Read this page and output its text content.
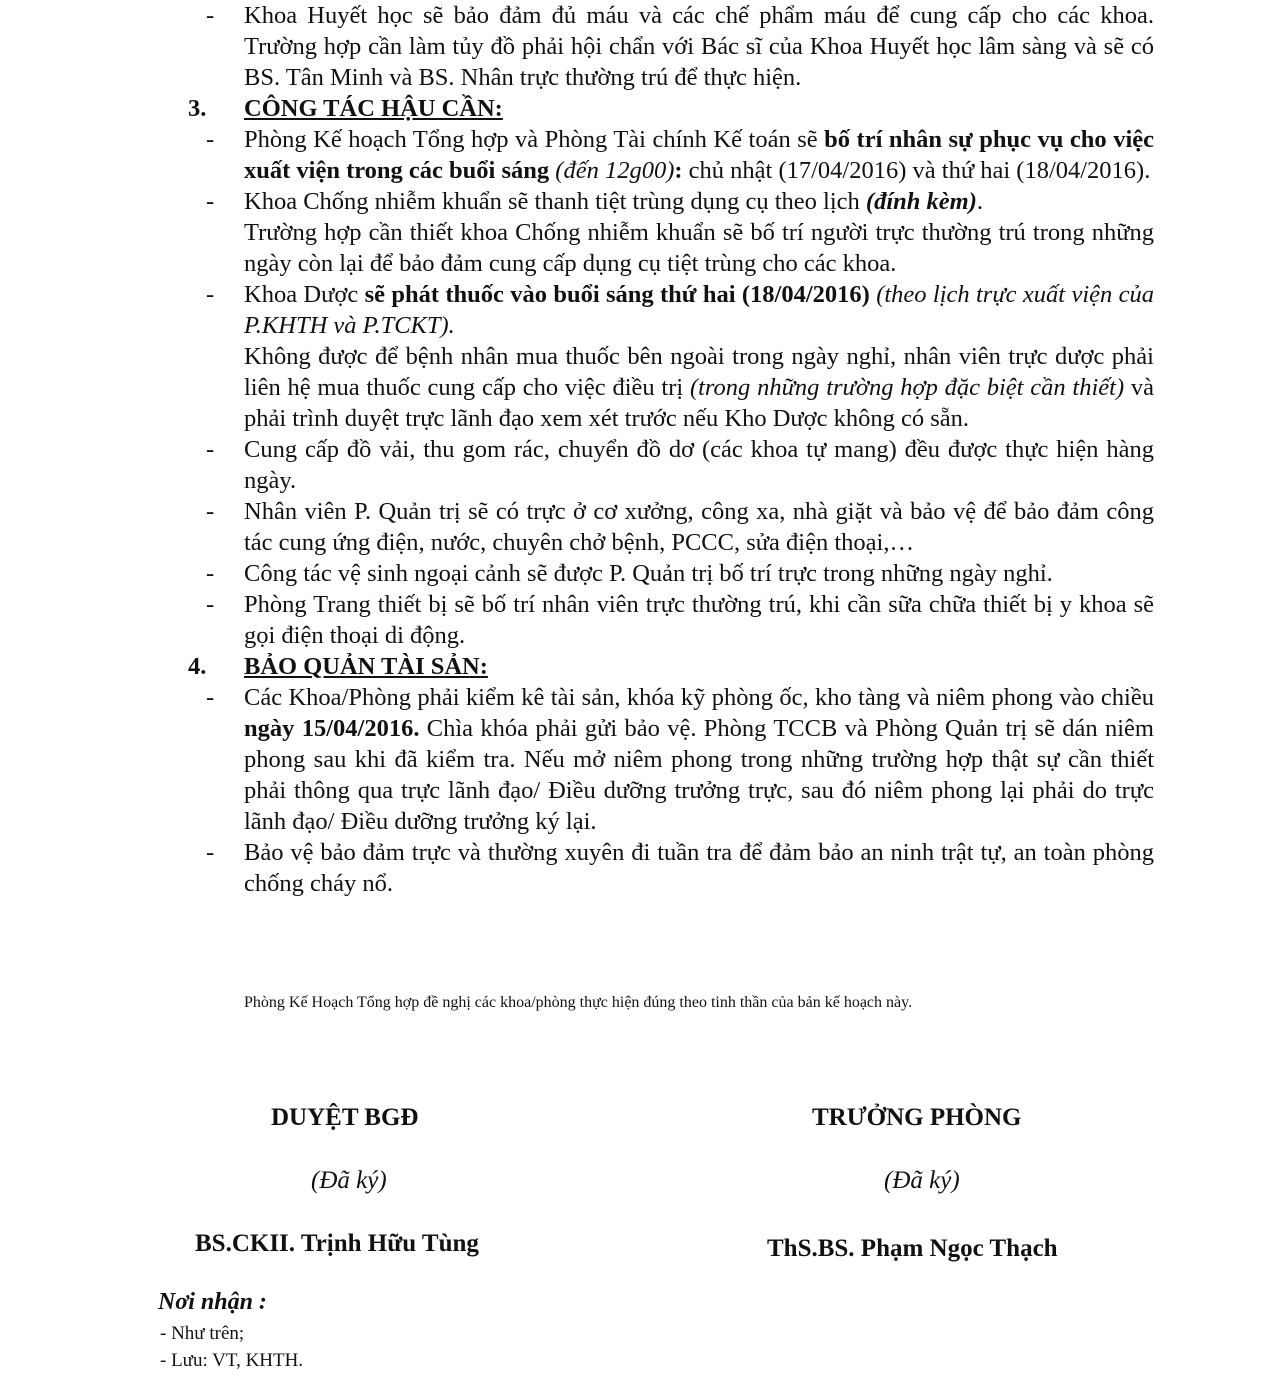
- Khoa Huyết học sẽ bảo đảm đủ máu và các chế phẩm máu để cung cấp cho các khoa. Trường hợp cần làm tủy đồ phải hội chẩn với Bác sĩ của Khoa Huyết học lâm sàng và sẽ có BS. Tân Minh và BS. Nhân trực thường trú để thực hiện.
3. CÔNG TÁC HẬU CẦN:
- Phòng Kế hoạch Tổng hợp và Phòng Tài chính Kế toán sẽ bố trí nhân sự phục vụ cho việc xuất viện trong các buổi sáng (đến 12g00): chủ nhật (17/04/2016) và thứ hai (18/04/2016).
- Khoa Chống nhiễm khuẩn sẽ thanh tiệt trùng dụng cụ theo lịch (đính kèm).
Trường hợp cần thiết khoa Chống nhiễm khuẩn sẽ bố trí người trực thường trú trong những ngày còn lại để bảo đảm cung cấp dụng cụ tiệt trùng cho các khoa.
- Khoa Dược sẽ phát thuốc vào buổi sáng thứ hai (18/04/2016) (theo lịch trực xuất viện của P.KHTH và P.TCKT).
Không được để bệnh nhân mua thuốc bên ngoài trong ngày nghỉ, nhân viên trực dược phải liên hệ mua thuốc cung cấp cho việc điều trị (trong những trường hợp đặc biệt cần thiết) và phải trình duyệt trực lãnh đạo xem xét trước nếu Kho Dược không có sẵn.
- Cung cấp đồ vải, thu gom rác, chuyển đồ dơ (các khoa tự mang) đều được thực hiện hàng ngày.
- Nhân viên P. Quản trị sẽ có trực ở cơ xưởng, công xa, nhà giặt và bảo vệ để bảo đảm công tác cung ứng điện, nước, chuyên chở bệnh, PCCC, sửa điện thoại,…
- Công tác vệ sinh ngoại cảnh sẽ được P. Quản trị bố trí trực trong những ngày nghỉ.
- Phòng Trang thiết bị sẽ bố trí nhân viên trực thường trú, khi cần sữa chữa thiết bị y khoa sẽ gọi điện thoại di động.
4. BẢO QUẢN TÀI SẢN:
- Các Khoa/Phòng phải kiểm kê tài sản, khóa kỹ phòng ốc, kho tàng và niêm phong vào chiều ngày 15/04/2016. Chìa khóa phải gửi bảo vệ. Phòng TCCB và Phòng Quản trị sẽ dán niêm phong sau khi đã kiểm tra. Nếu mở niêm phong trong những trường hợp thật sự cần thiết phải thông qua trực lãnh đạo/ Điều dưỡng trưởng trực, sau đó niêm phong lại phải do trực lãnh đạo/ Điều dưỡng trưởng ký lại.
- Bảo vệ bảo đảm trực và thường xuyên đi tuần tra để đảm bảo an ninh trật tự, an toàn phòng chống cháy nổ.
Phòng Kế Hoạch Tổng hợp đề nghị các khoa/phòng thực hiện đúng theo tinh thần của bản kế hoạch này.
DUYỆT BGĐ
(Đã ký)
BS.CKII. Trịnh Hữu Tùng
TRƯỞNG PHÒNG
(Đã ký)
ThS.BS. Phạm Ngọc Thạch
Nơi nhận :
- Như trên;
- Lưu: VT, KHTH.
